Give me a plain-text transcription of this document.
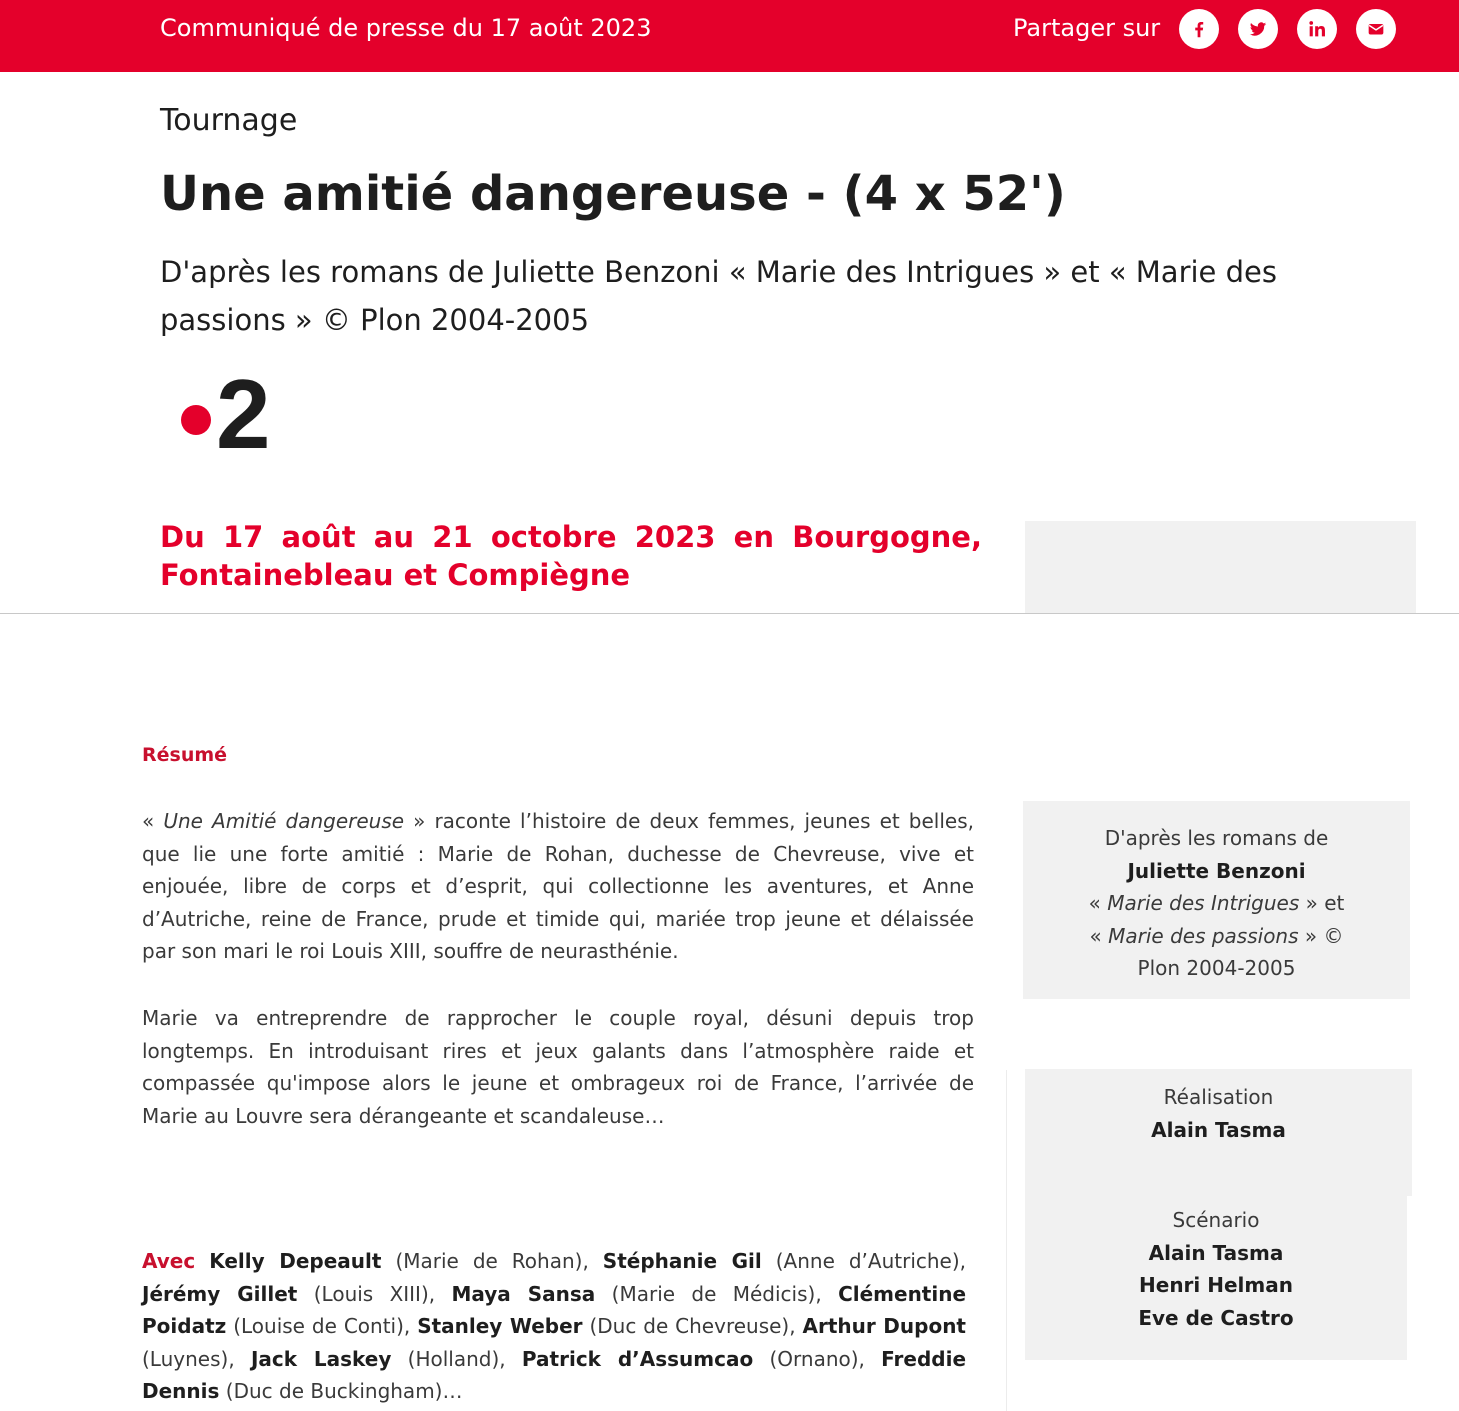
Communiqué de presse du 17 août 2023	Partager sur
Tournage
Une amitié dangereuse - (4 x 52')
D'après les romans de Juliette Benzoni « Marie des Intrigues » et « Marie des passions » © Plon 2004-2005
2
Du 17 août au 21 octobre 2023 en Bourgogne, Fontainebleau et Compiègne
Résumé

« Une Amitié dangereuse » raconte l’histoire de deux femmes, jeunes et belles, que lie une forte amitié : Marie de Rohan, duchesse de Chevreuse, vive et enjouée, libre de corps et d’esprit, qui collectionne les aventures, et Anne d’Autriche, reine de France, prude et timide qui, mariée trop jeune et délaissée par son mari le roi Louis XIII, souffre de neurasthénie.

Marie va entreprendre de rapprocher le couple royal, désuni depuis trop longtemps. En introduisant rires et jeux galants dans l’atmosphère raide et compassée qu'impose alors le jeune et ombrageux roi de France, l’arrivée de Marie au Louvre sera dérangeante et scandaleuse…

Avec Kelly Depeault (Marie de Rohan), Stéphanie Gil (Anne d’Autriche), Jérémy Gillet (Louis XIII), Maya Sansa (Marie de Médicis), Clémentine Poidatz (Louise de Conti), Stanley Weber (Duc de Chevreuse), Arthur Dupont (Luynes), Jack Laskey (Holland), Patrick d’Assumcao (Ornano), Freddie Dennis (Duc de Buckingham)…

D'après les romans de
Juliette Benzoni
« Marie des Intrigues » et
« Marie des passions » ©
Plon 2004-2005
Réalisation
Alain Tasma
Scénario
Alain Tasma
Henri Helman
Eve de Castro
